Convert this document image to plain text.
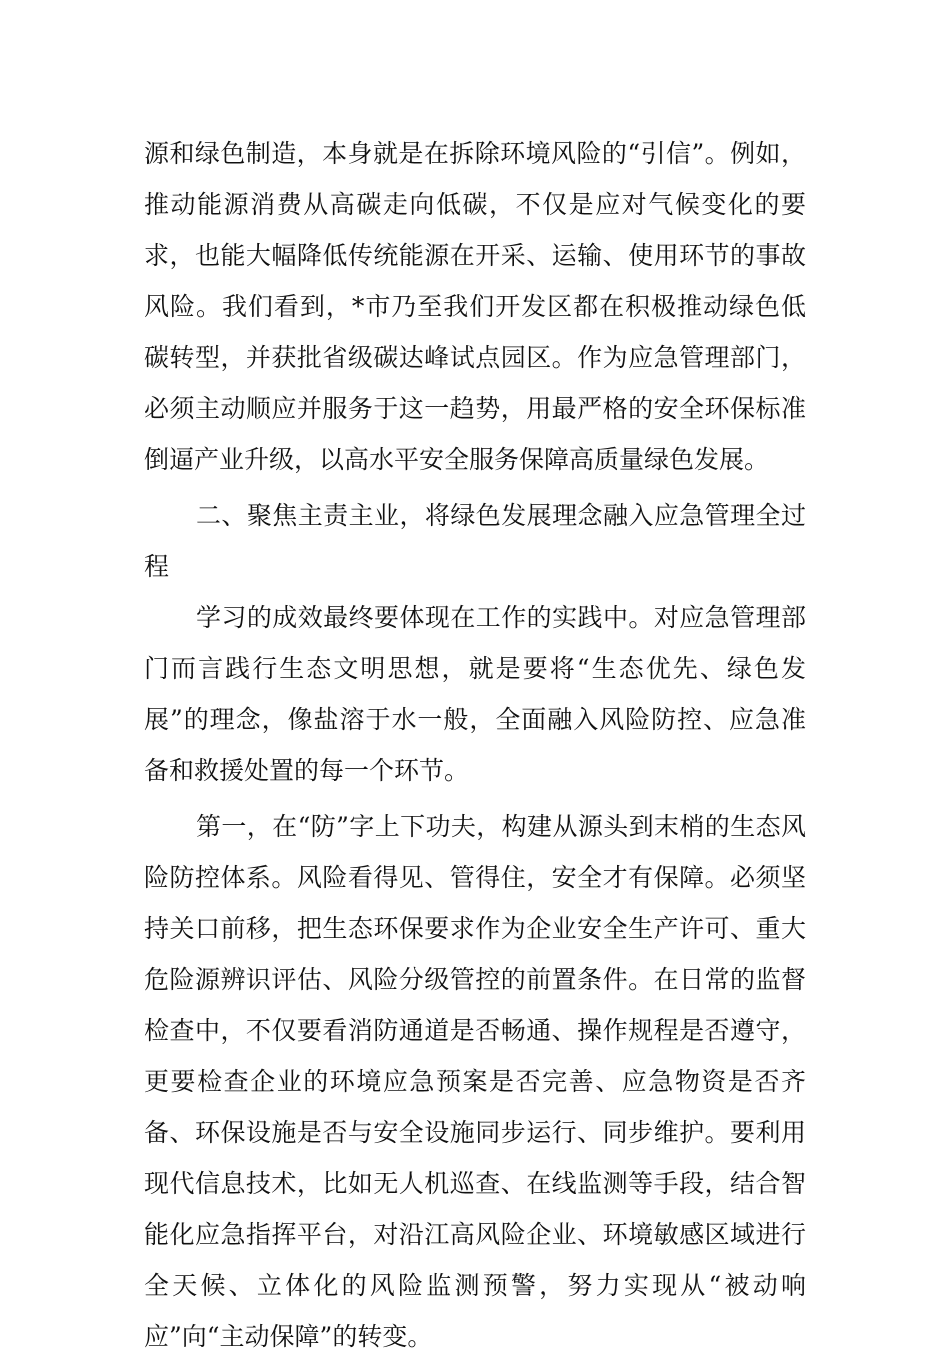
源和绿色制造，本身就是在拆除环境风险的“引信”。例如，推动能源消费从高碳走向低碳，不仅是应对气候变化的要求，也能大幅降低传统能源在开采、运输、使用环节的事故风险。我们看到，*市乃至我们开发区都在积极推动绿色低碳转型，并获批省级碳达峰试点园区。作为应急管理部门，必须主动顺应并服务于这一趋势，用最严格的安全环保标准倒逼产业升级，以高水平安全服务保障高质量绿色发展。

二、聚焦主责主业，将绿色发展理念融入应急管理全过程

学习的成效最终要体现在工作的实践中。对应急管理部门而言践行生态文明思想，就是要将“生态优先、绿色发展”的理念，像盐溶于水一般，全面融入风险防控、应急准备和救援处置的每一个环节。

第一，在“防”字上下功夫，构建从源头到末梢的生态风险防控体系。风险看得见、管得住，安全才有保障。必须坚持关口前移，把生态环保要求作为企业安全生产许可、重大危险源辨识评估、风险分级管控的前置条件。在日常的监督检查中，不仅要看消防通道是否畅通、操作规程是否遵守，更要检查企业的环境应急预案是否完善、应急物资是否齐备、环保设施是否与安全设施同步运行、同步维护。要利用现代信息技术，比如无人机巡查、在线监测等手段，结合智能化应急指挥平台，对沿江高风险企业、环境敏感区域进行全天候、立体化的风险监测预警，努力实现从“被动响应”向“主动保障”的转变。
